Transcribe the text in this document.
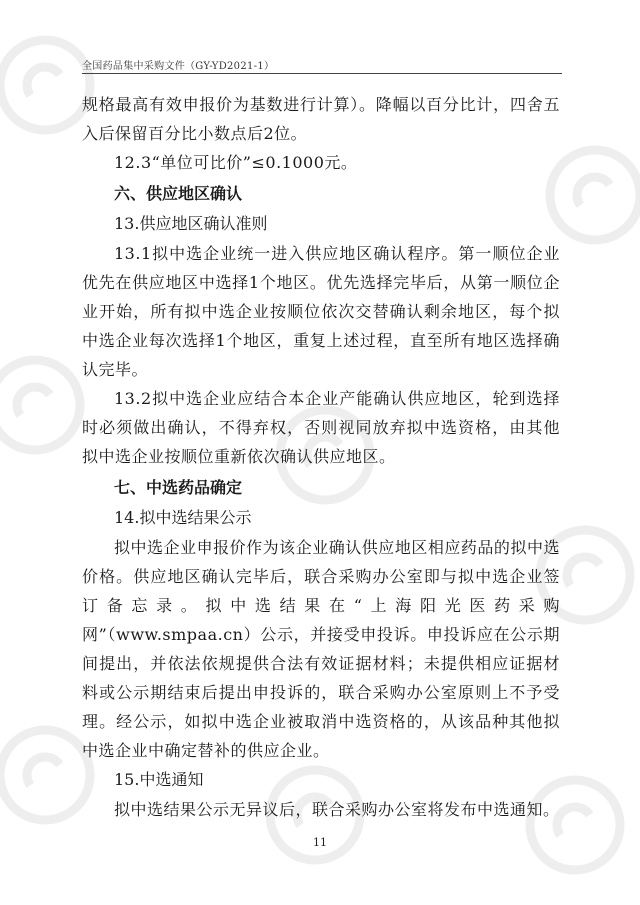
全国药品集中采购文件（GY-YD2021-1）

规格最高有效申报价为基数进行计算）。降幅以百分比计，四舍五入后保留百分比小数点后2位。

12.3“单位可比价”≤0.1000元。

六、供应地区确认
13.供应地区确认准则

13.1拟中选企业统一进入供应地区确认程序。第一顺位企业优先在供应地区中选择1个地区。优先选择完毕后，从第一顺位企业开始，所有拟中选企业按顺位依次交替确认剩余地区，每个拟中选企业每次选择1个地区，重复上述过程，直至所有地区选择确认完毕。

13.2拟中选企业应结合本企业产能确认供应地区，轮到选择时必须做出确认，不得弃权，否则视同放弃拟中选资格，由其他拟中选企业按顺位重新依次确认供应地区。

七、中选药品确定
14.拟中选结果公示

拟中选企业申报价作为该企业确认供应地区相应药品的拟中选价格。供应地区确认完毕后，联合采购办公室即与拟中选企业签订备忘录。拟中选结果在“上海阳光医药采购网”（www.smpaa.cn）公示，并接受申投诉。申投诉应在公示期间提出，并依法依规提供合法有效证据材料；未提供相应证据材料或公示期结束后提出申投诉的，联合采购办公室原则上不予受理。经公示，如拟中选企业被取消中选资格的，从该品种其他拟中选企业中确定替补的供应企业。

15.中选通知

拟中选结果公示无异议后，联合采购办公室将发布中选通知。

11
